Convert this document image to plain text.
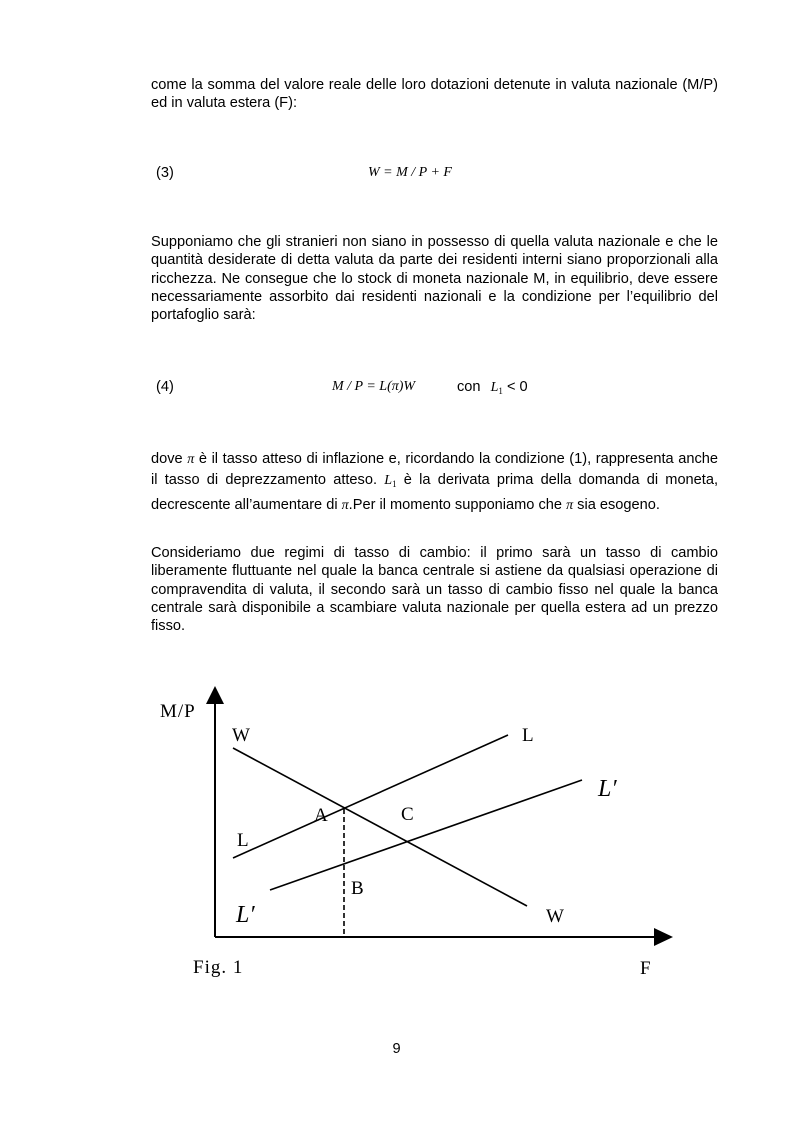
come la somma del valore reale delle loro dotazioni detenute in valuta nazionale (M/P) ed in valuta estera (F):
(3)	W = M / P + F
Supponiamo che gli stranieri non siano in possesso di quella valuta nazionale e che le quantità desiderate di detta valuta da parte dei residenti interni siano proporzionali alla ricchezza. Ne consegue che lo stock di moneta nazionale M, in equilibrio, deve essere necessariamente assorbito dai residenti nazionali e la condizione per l’equilibrio del portafoglio sarà:
(4)	M / P = L(π)W	con $L_1 < 0$
dove π è il tasso atteso di inflazione e, ricordando la condizione (1), rappresenta anche il tasso di deprezzamento atteso. $L_1$ è la derivata prima della domanda di moneta, decrescente all’aumentare di π.Per il momento supponiamo che π sia esogeno.
Consideriamo due regimi di tasso di cambio: il primo sarà un tasso di cambio liberamente fluttuante nel quale la banca centrale si astiene da qualsiasi operazione di compravendita di valuta, il secondo sarà un tasso di cambio fisso nel quale la banca centrale sarà disponibile a scambiare valuta nazionale per quella estera ad un prezzo fisso.
M/P
F
Fig. 1
W
W
L
L
L′
L′
A
B
C
9
